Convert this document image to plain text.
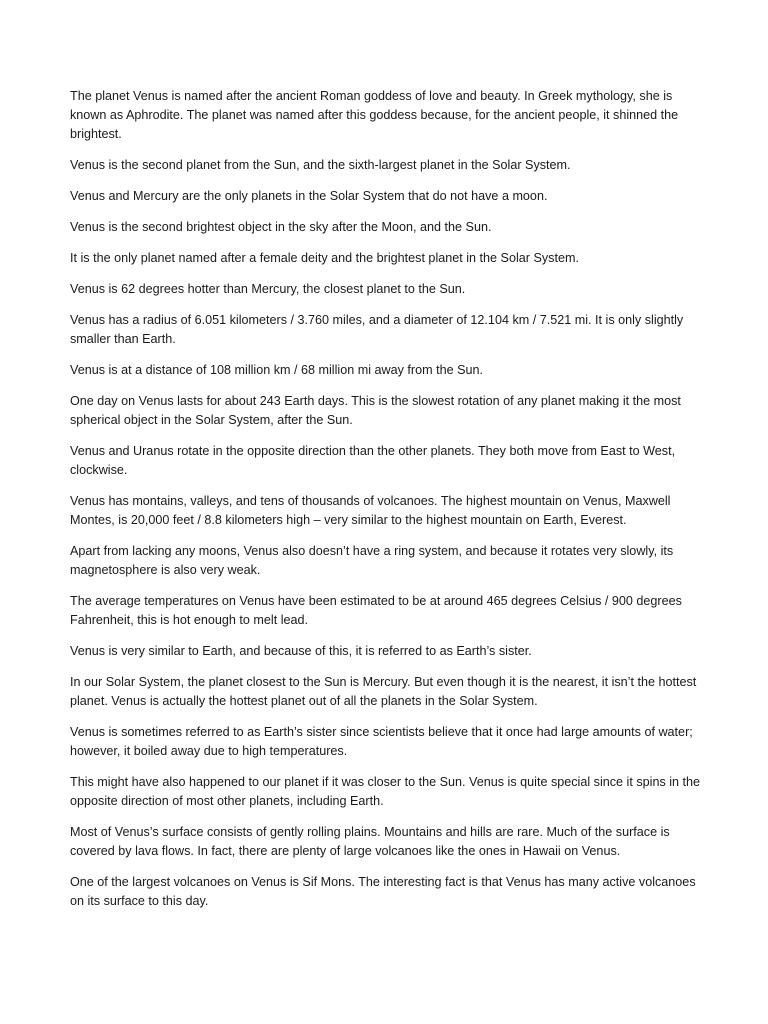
The planet Venus is named after the ancient Roman goddess of love and beauty. In Greek mythology, she is known as Aphrodite. The planet was named after this goddess because, for the ancient people, it shinned the brightest.

Venus is the second planet from the Sun, and the sixth-largest planet in the Solar System.

Venus and Mercury are the only planets in the Solar System that do not have a moon.

Venus is the second brightest object in the sky after the Moon, and the Sun.

It is the only planet named after a female deity and the brightest planet in the Solar System.

Venus is 62 degrees hotter than Mercury, the closest planet to the Sun.

Venus has a radius of 6.051 kilometers / 3.760 miles, and a diameter of 12.104 km / 7.521 mi. It is only slightly smaller than Earth.

Venus is at a distance of 108 million km / 68 million mi away from the Sun.

One day on Venus lasts for about 243 Earth days. This is the slowest rotation of any planet making it the most spherical object in the Solar System, after the Sun.

Venus and Uranus rotate in the opposite direction than the other planets. They both move from East to West, clockwise.

Venus has montains, valleys, and tens of thousands of volcanoes. The highest mountain on Venus, Maxwell Montes, is 20,000 feet / 8.8 kilometers high – very similar to the highest mountain on Earth, Everest.

Apart from lacking any moons, Venus also doesn’t have a ring system, and because it rotates very slowly, its magnetosphere is also very weak.

The average temperatures on Venus have been estimated to be at around 465 degrees Celsius / 900 degrees Fahrenheit, this is hot enough to melt lead.

Venus is very similar to Earth, and because of this, it is referred to as Earth’s sister.

In our Solar System, the planet closest to the Sun is Mercury. But even though it is the nearest, it isn’t the hottest planet. Venus is actually the hottest planet out of all the planets in the Solar System.

Venus is sometimes referred to as Earth’s sister since scientists believe that it once had large amounts of water; however, it boiled away due to high temperatures.

This might have also happened to our planet if it was closer to the Sun. Venus is quite special since it spins in the opposite direction of most other planets, including Earth.

Most of Venus’s surface consists of gently rolling plains. Mountains and hills are rare. Much of the surface is covered by lava flows. In fact, there are plenty of large volcanoes like the ones in Hawaii on Venus.

One of the largest volcanoes on Venus is Sif Mons. The interesting fact is that Venus has many active volcanoes on its surface to this day.
